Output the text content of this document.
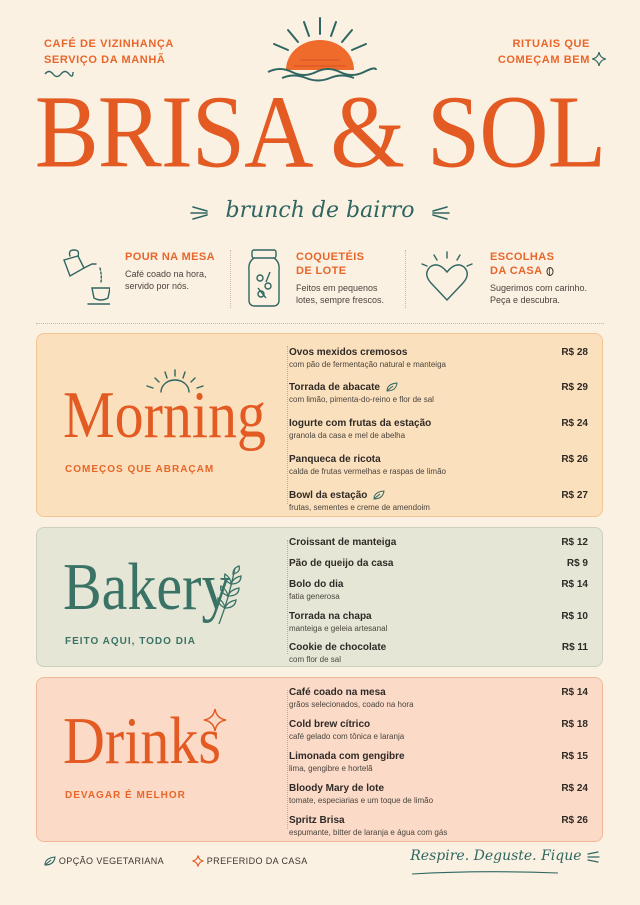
CAFÉ DE VIZINHANÇA
SERVIÇO DA MANHÃ
RITUAIS QUE
COMEÇAM BEM
BRISA & SOL
brunch de bairro
POUR NA MESA
Café coado na hora,
servido por nós.
COQUETÉIS
DE LOTE
Feitos em pequenos
lotes, sempre frescos.
ESCOLHAS
DA CASA
Sugerimos com carinho.
Peça e descubra.
Morning
COMEÇOS QUE ABRAÇAM
Ovos mexidos cremosos
com pão de fermentação natural e manteiga
R$ 28
Torrada de abacate
com limão, pimenta-do-reino e flor de sal
R$ 29
Iogurte com frutas da estação
granola da casa e mel de abelha
R$ 24
Panqueca de ricota
calda de frutas vermelhas e raspas de limão
R$ 26
Bowl da estação
frutas, sementes e creme de amendoim
R$ 27
Bakery
FEITO AQUI, TODO DIA
Croissant de manteiga	R$ 12
Pão de queijo da casa	R$ 9
Bolo do dia
fatia generosa
R$ 14
Torrada na chapa
manteiga e geleia artesanal
R$ 10
Cookie de chocolate
com flor de sal
R$ 11
Drinks
DEVAGAR É MELHOR
Café coado na mesa
grãos selecionados, coado na hora
R$ 14
Cold brew cítrico
café gelado com tônica e laranja
R$ 18
Limonada com gengibre
lima, gengibre e hortelã
R$ 15
Bloody Mary de lote
tomate, especiarias e um toque de limão
R$ 24
Spritz Brisa
espumante, bitter de laranja e água com gás
R$ 26
OPÇÃO VEGETARIANA	PREFERIDO DA CASA	Respire. Deguste. Fique
